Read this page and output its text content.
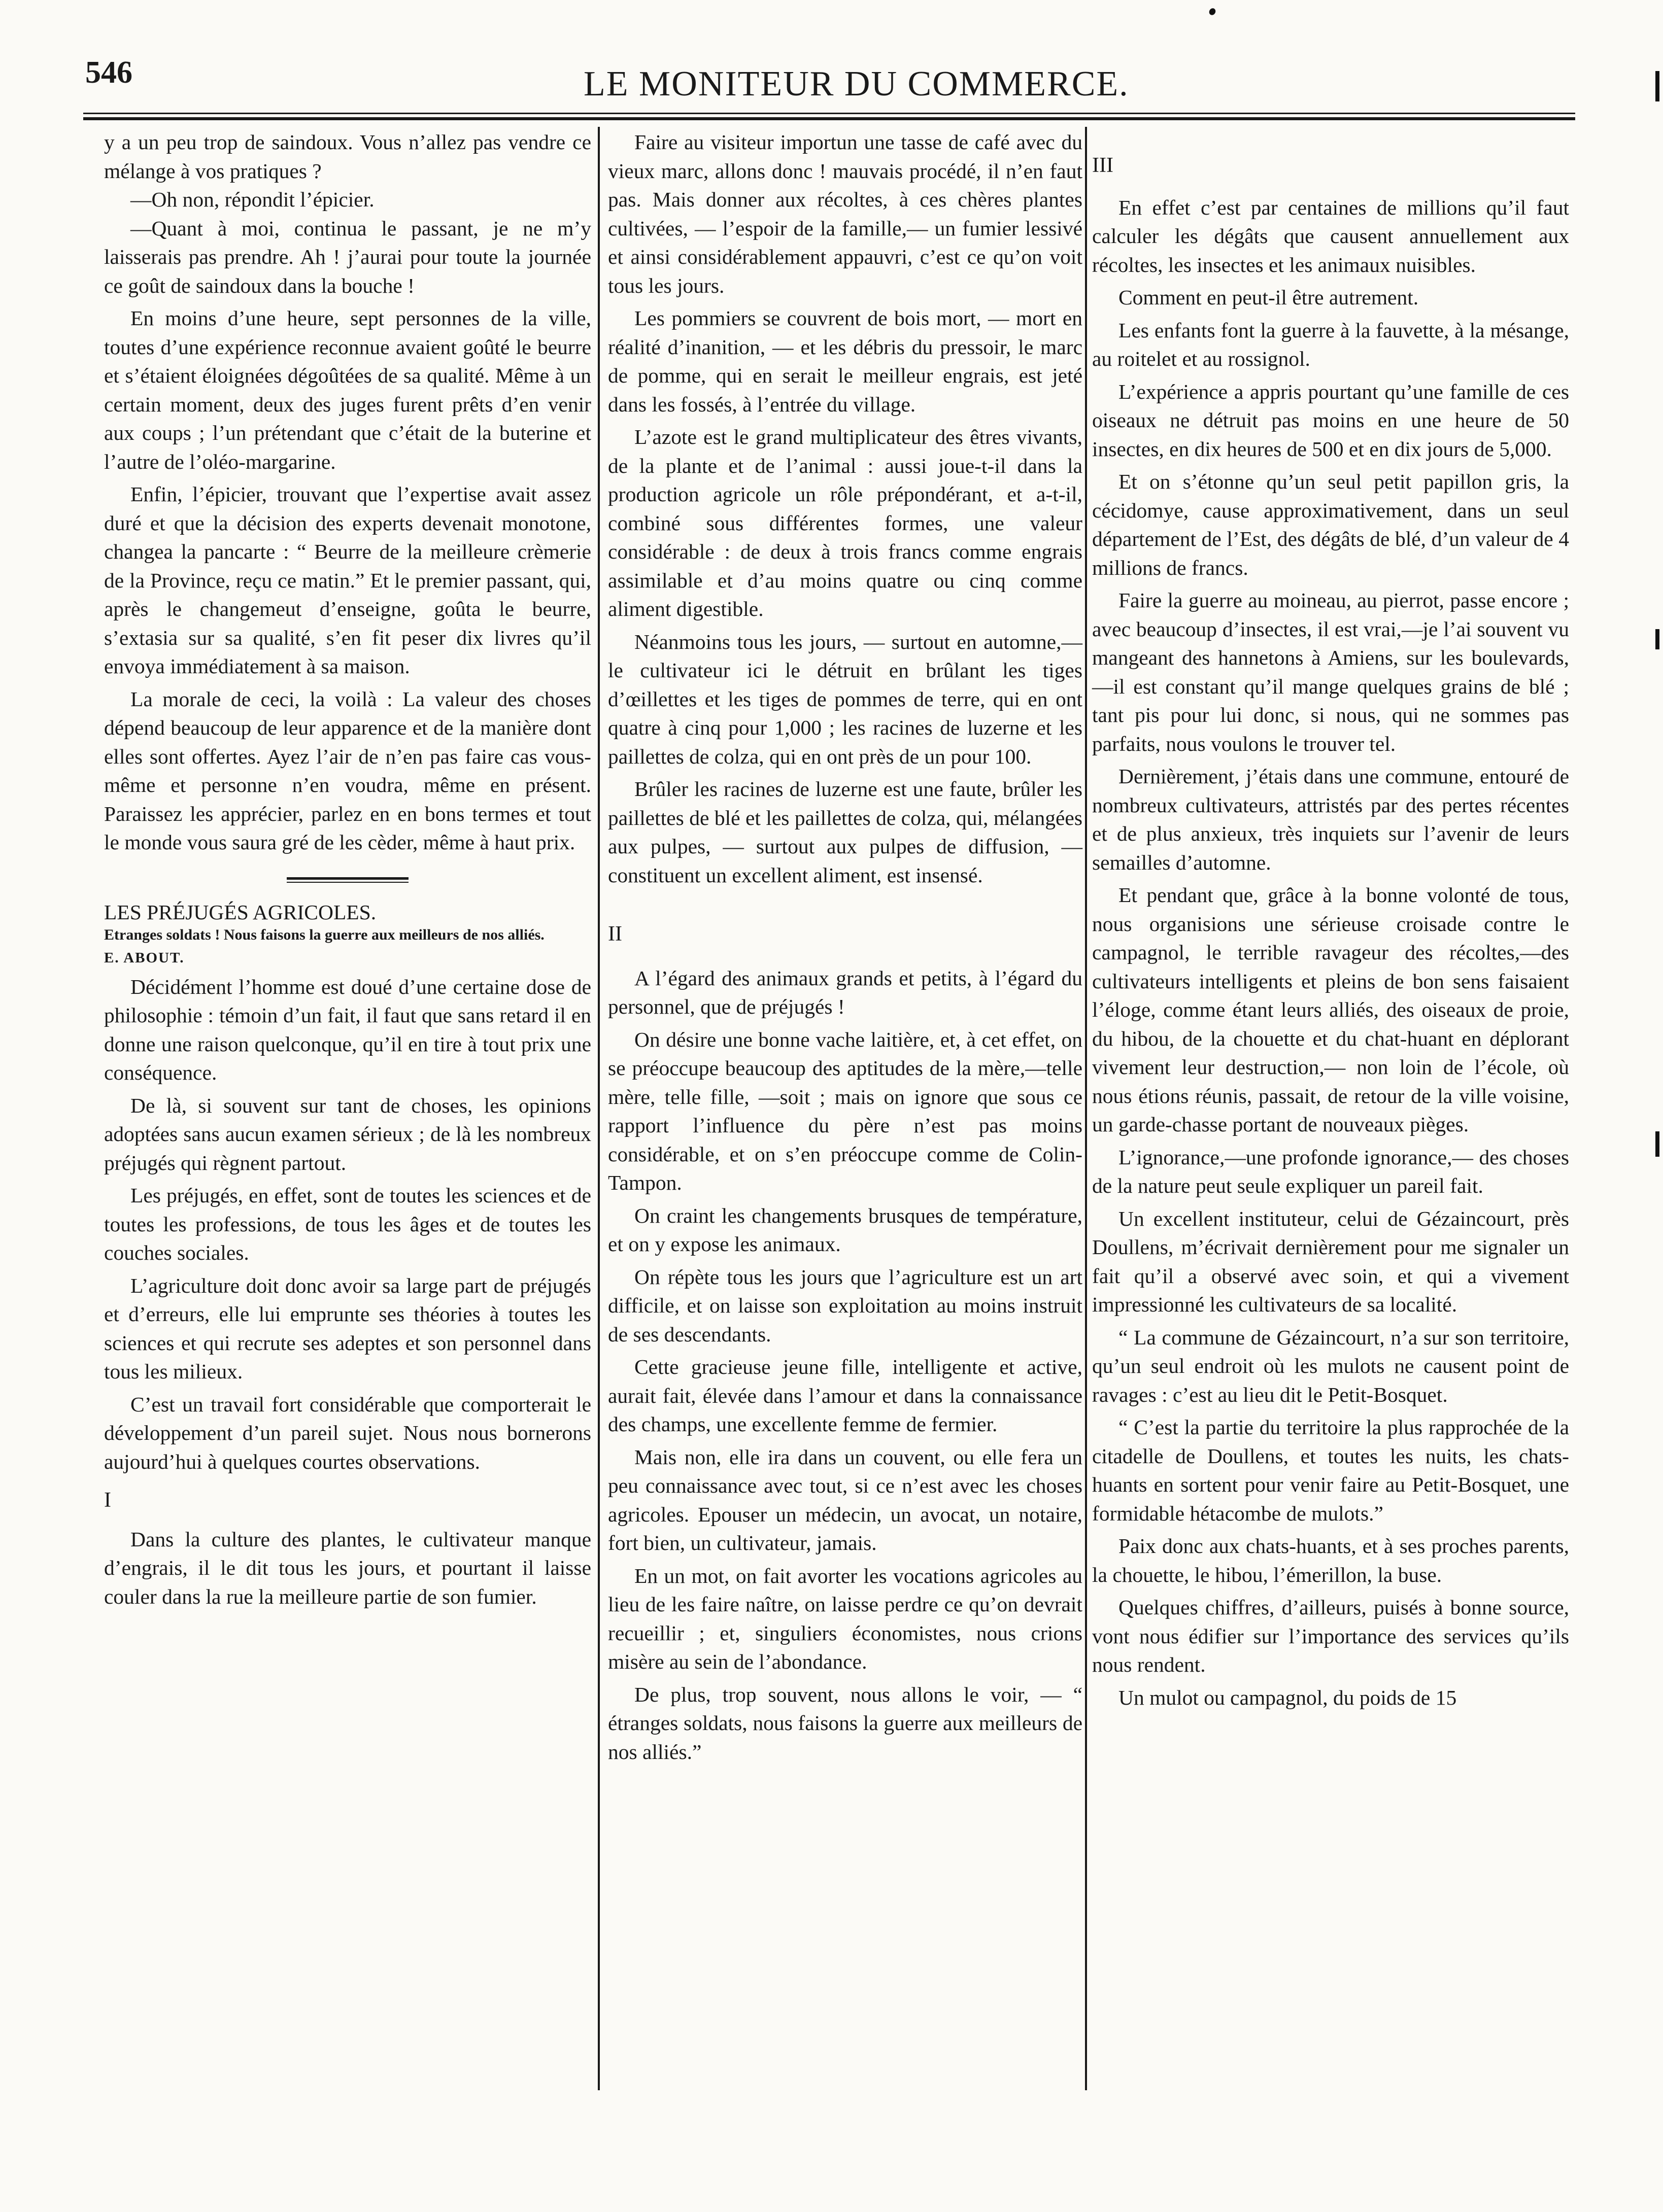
546	LE MONITEUR DU COMMERCE.

y a un peu trop de saindoux. Vous n’allez pas vendre ce mélange à vos pratiques ?

—Oh non, répondit l’épicier.

—Quant à moi, continua le passant, je ne m’y laisserais pas prendre. Ah ! j’aurai pour toute la journée ce goût de saindoux dans la bouche !

En moins d’une heure, sept personnes de la ville, toutes d’une expérience reconnue avaient goûté le beurre et s’étaient éloignées dégoûtées de sa qualité. Même à un certain moment, deux des juges furent prêts d’en venir aux coups ; l’un prétendant que c’était de la buterine et l’autre de l’oléo-margarine.

Enfin, l’épicier, trouvant que l’expertise avait assez duré et que la décision des experts devenait monotone, changea la pancarte : “ Beurre de la meilleure crèmerie de la Province, reçu ce matin.” Et le premier passant, qui, après le changemeut d’enseigne, goûta le beurre, s’extasia sur sa qualité, s’en fit peser dix livres qu’il envoya immédiatement à sa maison.

La morale de ceci, la voilà : La valeur des choses dépend beaucoup de leur apparence et de la manière dont elles sont offertes. Ayez l’air de n’en pas faire cas vous-même et personne n’en voudra, même en présent. Paraissez les apprécier, parlez en en bons termes et tout le monde vous saura gré de les cèder, même à haut prix.

LES PRÉJUGÉS AGRICOLES.

Etranges soldats ! Nous faisons la guerre aux meilleurs de nos alliés.

E. ABOUT.

Décidément l’homme est doué d’une certaine dose de philosophie : témoin d’un fait, il faut que sans retard il en donne une raison quelconque, qu’il en tire à tout prix une conséquence.

De là, si souvent sur tant de choses, les opinions adoptées sans aucun examen sérieux ; de là les nombreux préjugés qui règnent partout.

Les préjugés, en effet, sont de toutes les sciences et de toutes les professions, de tous les âges et de toutes les couches sociales.

L’agriculture doit donc avoir sa large part de préjugés et d’erreurs, elle lui emprunte ses théories à toutes les sciences et qui recrute ses adeptes et son personnel dans tous les milieux.

C’est un travail fort considérable que comporterait le développement d’un pareil sujet. Nous nous bornerons aujourd’hui à quelques courtes observations.

I

Dans la culture des plantes, le cultivateur manque d’engrais, il le dit tous les jours, et pourtant il laisse couler dans la rue la meilleure partie de son fumier.

Faire au visiteur importun une tasse de café avec du vieux marc, allons donc ! mauvais procédé, il n’en faut pas. Mais donner aux récoltes, à ces chères plantes cultivées, — l’espoir de la famille,— un fumier lessivé et ainsi considérablement appauvri, c’est ce qu’on voit tous les jours.

Les pommiers se couvrent de bois mort, — mort en réalité d’inanition, — et les débris du pressoir, le marc de pomme, qui en serait le meilleur engrais, est jeté dans les fossés, à l’entrée du village.

L’azote est le grand multiplicateur des êtres vivants, de la plante et de l’animal : aussi joue-t-il dans la production agricole un rôle prépondérant, et a-t-il, combiné sous différentes formes, une valeur considérable : de deux à trois francs comme engrais assimilable et d’au moins quatre ou cinq comme aliment digestible.

Néanmoins tous les jours, — surtout en automne,— le cultivateur ici le détruit en brûlant les tiges d’œillettes et les tiges de pommes de terre, qui en ont quatre à cinq pour 1,000 ; les racines de luzerne et les paillettes de colza, qui en ont près de un pour 100.

Brûler les racines de luzerne est une faute, brûler les paillettes de blé et les paillettes de colza, qui, mélangées aux pulpes, — surtout aux pulpes de diffusion, — constituent un excellent aliment, est insensé.

II

A l’égard des animaux grands et petits, à l’égard du personnel, que de préjugés !

On désire une bonne vache laitière, et, à cet effet, on se préoccupe beaucoup des aptitudes de la mère,—telle mère, telle fille, —soit ; mais on ignore que sous ce rapport l’influence du père n’est pas moins considérable, et on s’en préoccupe comme de Colin-Tampon.

On craint les changements brusques de température, et on y expose les animaux.

On répète tous les jours que l’agriculture est un art difficile, et on laisse son exploitation au moins instruit de ses descendants.

Cette gracieuse jeune fille, intelligente et active, aurait fait, élevée dans l’amour et dans la connaissance des champs, une excellente femme de fermier.

Mais non, elle ira dans un couvent, ou elle fera un peu connaissance avec tout, si ce n’est avec les choses agricoles. Epouser un médecin, un avocat, un notaire, fort bien, un cultivateur, jamais.

En un mot, on fait avorter les vocations agricoles au lieu de les faire naître, on laisse perdre ce qu’on devrait recueillir ; et, singuliers économistes, nous crions misère au sein de l’abondance.

De plus, trop souvent, nous allons le voir, — “ étranges soldats, nous faisons la guerre aux meilleurs de nos alliés.”

III

En effet c’est par centaines de millions qu’il faut calculer les dégâts que causent annuellement aux récoltes, les insectes et les animaux nuisibles.

Comment en peut-il être autrement.

Les enfants font la guerre à la fauvette, à la mésange, au roitelet et au rossignol.

L’expérience a appris pourtant qu’une famille de ces oiseaux ne détruit pas moins en une heure de 50 insectes, en dix heures de 500 et en dix jours de 5,000.

Et on s’étonne qu’un seul petit papillon gris, la cécidomye, cause approximativement, dans un seul département de l’Est, des dégâts de blé, d’un valeur de 4 millions de francs.

Faire la guerre au moineau, au pierrot, passe encore ; avec beaucoup d’insectes, il est vrai,—je l’ai souvent vu mangeant des hannetons à Amiens, sur les boulevards,—il est constant qu’il mange quelques grains de blé ; tant pis pour lui donc, si nous, qui ne sommes pas parfaits, nous voulons le trouver tel.

Dernièrement, j’étais dans une commune, entouré de nombreux cultivateurs, attristés par des pertes récentes et de plus anxieux, très inquiets sur l’avenir de leurs semailles d’automne.

Et pendant que, grâce à la bonne volonté de tous, nous organisions une sérieuse croisade contre le campagnol, le terrible ravageur des récoltes,—des cultivateurs intelligents et pleins de bon sens faisaient l’éloge, comme étant leurs alliés, des oiseaux de proie, du hibou, de la chouette et du chat-huant en déplorant vivement leur destruction,— non loin de l’école, où nous étions réunis, passait, de retour de la ville voisine, un garde-chasse portant de nouveaux pièges.

L’ignorance,—une profonde ignorance,— des choses de la nature peut seule expliquer un pareil fait.

Un excellent instituteur, celui de Gézaincourt, près Doullens, m’écrivait dernièrement pour me signaler un fait qu’il a observé avec soin, et qui a vivement impressionné les cultivateurs de sa localité.

“ La commune de Gézaincourt, n’a sur son territoire, qu’un seul endroit où les mulots ne causent point de ravages : c’est au lieu dit le Petit-Bosquet.

“ C’est la partie du territoire la plus rapprochée de la citadelle de Doullens, et toutes les nuits, les chats-huants en sortent pour venir faire au Petit-Bosquet, une formidable hétacombe de mulots.”

Paix donc aux chats-huants, et à ses proches parents, la chouette, le hibou, l’émerillon, la buse.

Quelques chiffres, d’ailleurs, puisés à bonne source, vont nous édifier sur l’importance des services qu’ils nous rendent.

Un mulot ou campagnol, du poids de 15
